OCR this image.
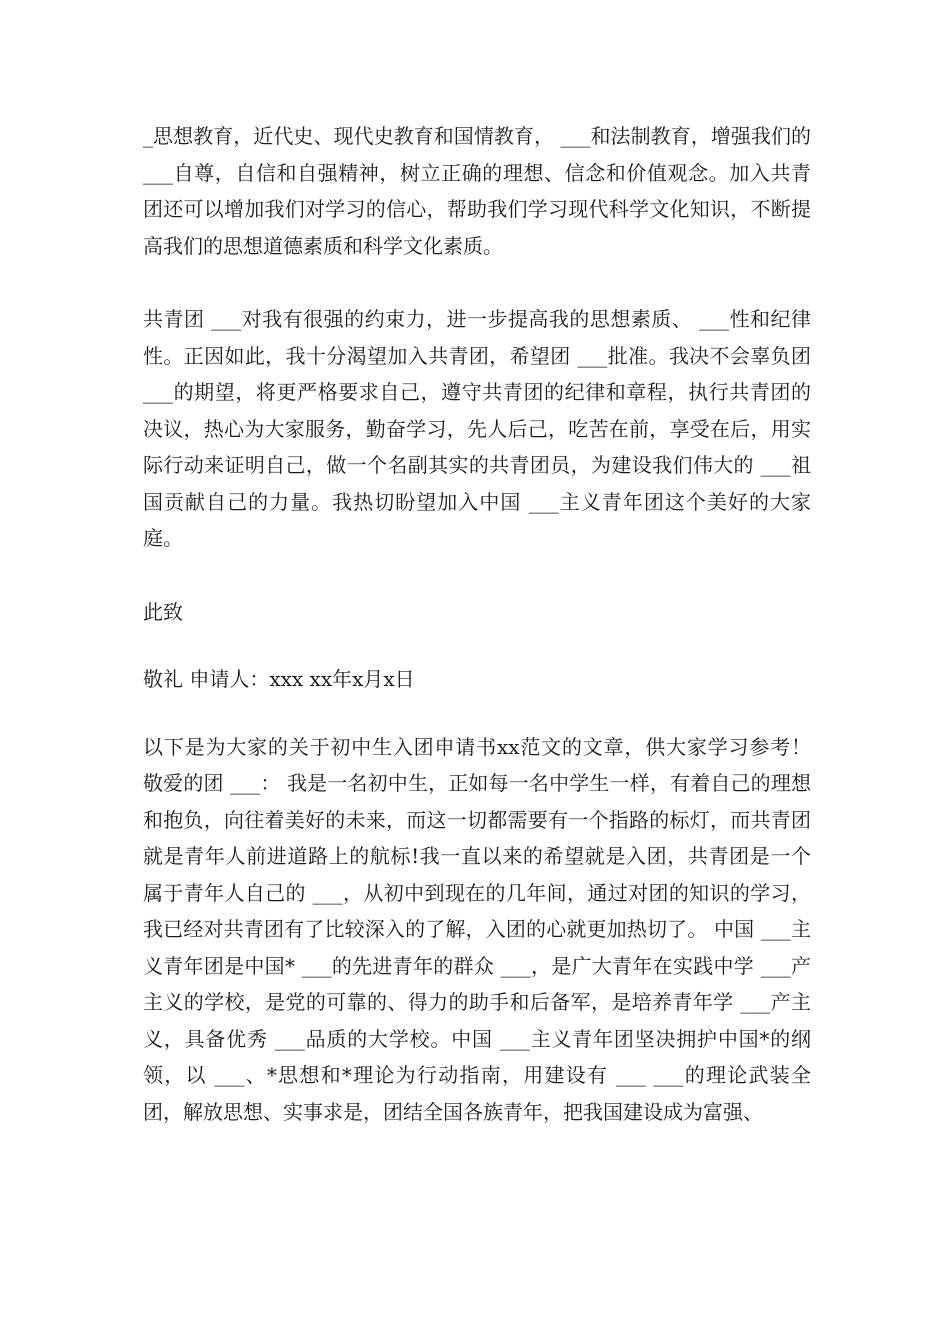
_思想教育，近代史、现代史教育和国情教育， ___和法制教育，增强我们的 ___自尊，自信和自强精神，树立正确的理想、信念和价值观念。加入共青团还可以增加我们对学习的信心，帮助我们学习现代科学文化知识，不断提高我们的思想道德素质和科学文化素质。

共青团 ___对我有很强的约束力，进一步提高我的思想素质、 ___性和纪律性。正因如此，我十分渴望加入共青团，希望团 ___批准。我决不会辜负团 ___的期望，将更严格要求自己，遵守共青团的纪律和章程，执行共青团的决议，热心为大家服务，勤奋学习，先人后己，吃苦在前，享受在后，用实际行动来证明自己，做一个名副其实的共青团员，为建设我们伟大的 ___祖国贡献自己的力量。我热切盼望加入中国 ___主义青年团这个美好的大家庭。

此致

敬礼 申请人：xxx xx年x月x日

以下是为大家的关于初中生入团申请书xx范文的文章，供大家学习参考！　 敬爱的团 ___： 我是一名初中生，正如每一名中学生一样，有着自己的理想和抱负，向往着美好的未来，而这一切都需要有一个指路的标灯，而共青团就是青年人前进道路上的航标!我一直以来的希望就是入团，共青团是一个属于青年人自己的 ___，从初中到现在的几年间，通过对团的知识的学习，我已经对共青团有了比较深入的了解，入团的心就更加热切了。 中国 ___主义青年团是中国* ___的先进青年的群众 ___，是广大青年在实践中学 ___产主义的学校，是党的可靠的、得力的助手和后备军，是培养青年学 ___产主义，具备优秀 ___品质的大学校。中国 ___主义青年团坚决拥护中国*的纲领，以 ___、*思想和*理论为行动指南，用建设有 ___ ___的理论武装全团，解放思想、实事求是，团结全国各族青年，把我国建设成为富强、
